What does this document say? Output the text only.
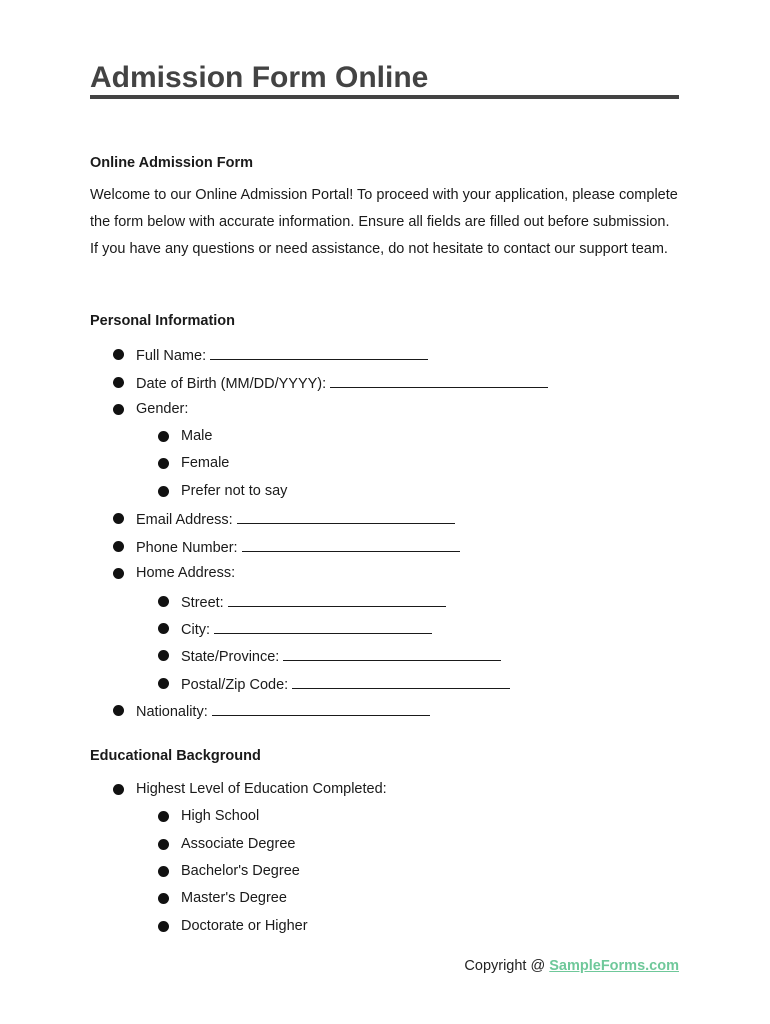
Admission Form Online
Online Admission Form

Welcome to our Online Admission Portal! To proceed with your application, please complete the form below with accurate information. Ensure all fields are filled out before submission. If you have any questions or need assistance, do not hesitate to contact our support team.

Personal Information
Full Name:
Date of Birth (MM/DD/YYYY):
Gender:
Male
Female
Prefer not to say
Email Address:
Phone Number:
Home Address:
Street:
City:
State/Province:
Postal/Zip Code:
Nationality:
Educational Background
Highest Level of Education Completed:
High School
Associate Degree
Bachelor's Degree
Master's Degree
Doctorate or Higher
Copyright @ SampleForms.com
